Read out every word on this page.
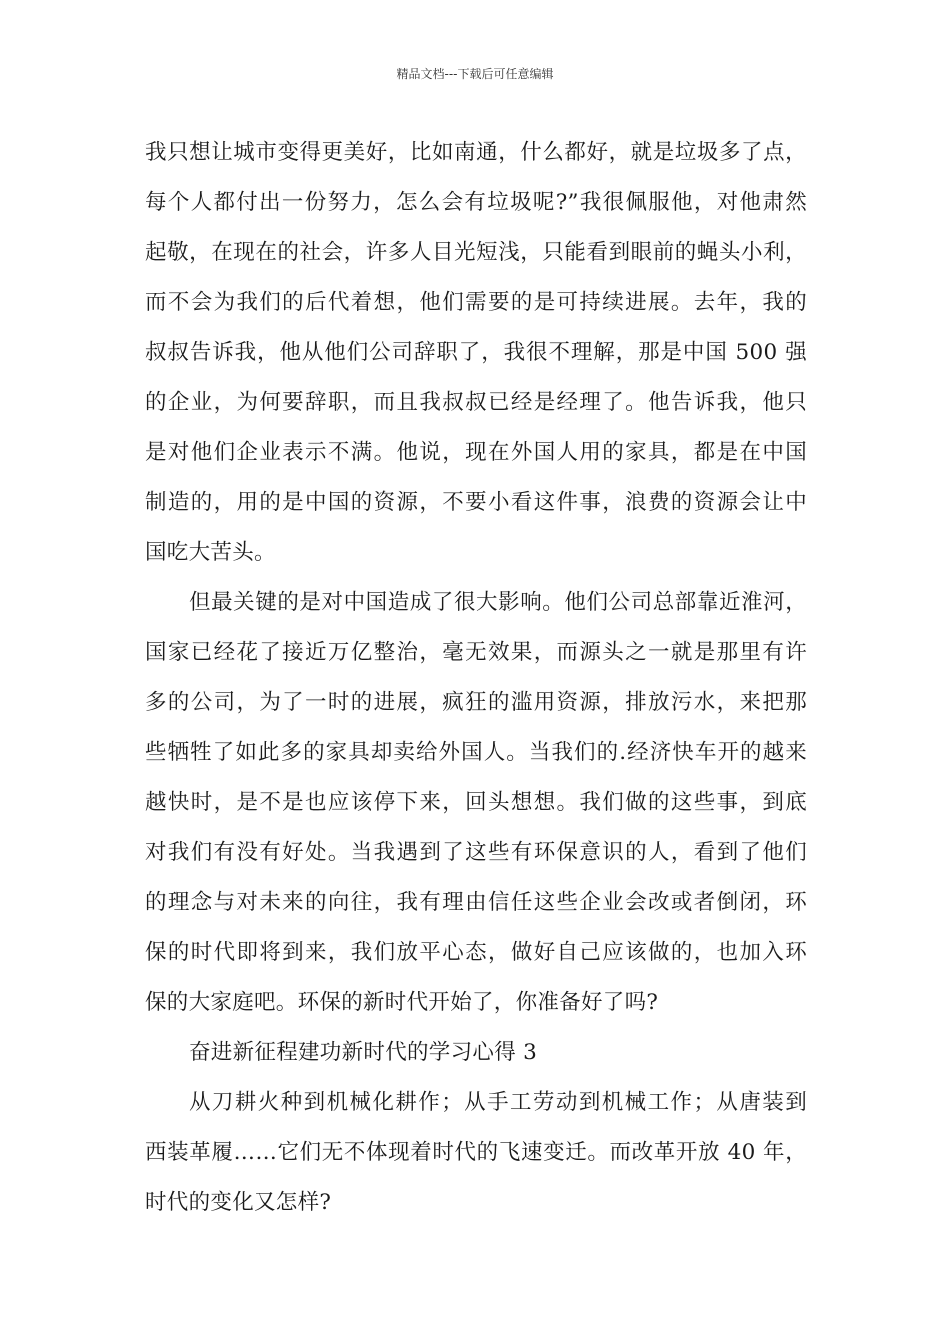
精品文档---下载后可任意编辑
我只想让城市变得更美好，比如南通，什么都好，就是垃圾多了点，
每个人都付出一份努力，怎么会有垃圾呢?”我很佩服他，对他肃然
起敬，在现在的社会，许多人目光短浅，只能看到眼前的蝇头小利，
而不会为我们的后代着想，他们需要的是可持续进展。去年，我的
叔叔告诉我，他从他们公司辞职了，我很不理解，那是中国 500 强
的企业，为何要辞职，而且我叔叔已经是经理了。他告诉我，他只
是对他们企业表示不满。他说，现在外国人用的家具，都是在中国
制造的，用的是中国的资源，不要小看这件事，浪费的资源会让中
国吃大苦头。
但最关键的是对中国造成了很大影响。他们公司总部靠近淮河，
国家已经花了接近万亿整治，毫无效果，而源头之一就是那里有许
多的公司，为了一时的进展，疯狂的滥用资源，排放污水，来把那
些牺牲了如此多的家具却卖给外国人。当我们的.经济快车开的越来
越快时，是不是也应该停下来，回头想想。我们做的这些事，到底
对我们有没有好处。当我遇到了这些有环保意识的人，看到了他们
的理念与对未来的向往，我有理由信任这些企业会改或者倒闭，环
保的时代即将到来，我们放平心态，做好自己应该做的，也加入环
保的大家庭吧。环保的新时代开始了，你准备好了吗?
奋进新征程建功新时代的学习心得 3
从刀耕火种到机械化耕作；从手工劳动到机械工作；从唐装到
西装革履……它们无不体现着时代的飞速变迁。而改革开放 40 年，
时代的变化又怎样?
